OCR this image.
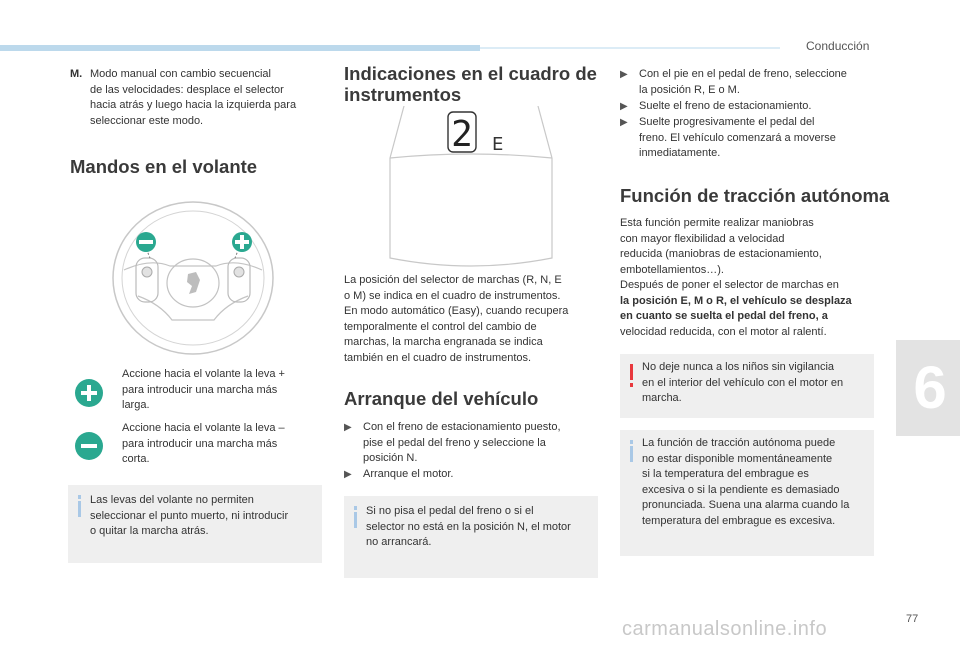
Conducción
6
M. Modo manual con cambio secuencial
de las velocidades: desplace el selector
hacia atrás y luego hacia la izquierda para
seleccionar este modo.
Mandos en el volante
Accione hacia el volante la leva +
para introducir una marcha más
larga.
Accione hacia el volante la leva –
para introducir una marcha más
corta.
Las levas del volante no permiten
seleccionar el punto muerto, ni introducir
o quitar la marcha atrás.
Indicaciones en el cuadro de
instrumentos
2 E
La posición del selector de marchas (R, N, E
o M) se indica en el cuadro de instrumentos.
En modo automático (Easy), cuando recupera
temporalmente el control del cambio de
marchas, la marcha engranada se indica
también en el cuadro de instrumentos.
Arranque del vehículo
▶ Con el freno de estacionamiento puesto,
pise el pedal del freno y seleccione la
posición N.
▶ Arranque el motor.
Si no pisa el pedal del freno o si el
selector no está en la posición N, el motor
no arrancará.
▶ Con el pie en el pedal de freno, seleccione
la posición R, E o M.
▶ Suelte el freno de estacionamiento.
▶ Suelte progresivamente el pedal del
freno. El vehículo comenzará a moverse
inmediatamente.
Función de tracción autónoma
Esta función permite realizar maniobras
con mayor flexibilidad a velocidad
reducida (maniobras de estacionamiento,
embotellamientos…).
Después de poner el selector de marchas en
la posición E, M o R, el vehículo se desplaza
en cuanto se suelta el pedal del freno, a
velocidad reducida, con el motor al ralentí.
No deje nunca a los niños sin vigilancia
en el interior del vehículo con el motor en
marcha.
La función de tracción autónoma puede
no estar disponible momentáneamente
si la temperatura del embrague es
excesiva o si la pendiente es demasiado
pronunciada. Suena una alarma cuando la
temperatura del embrague es excesiva.
77
carmanualsonline.info
